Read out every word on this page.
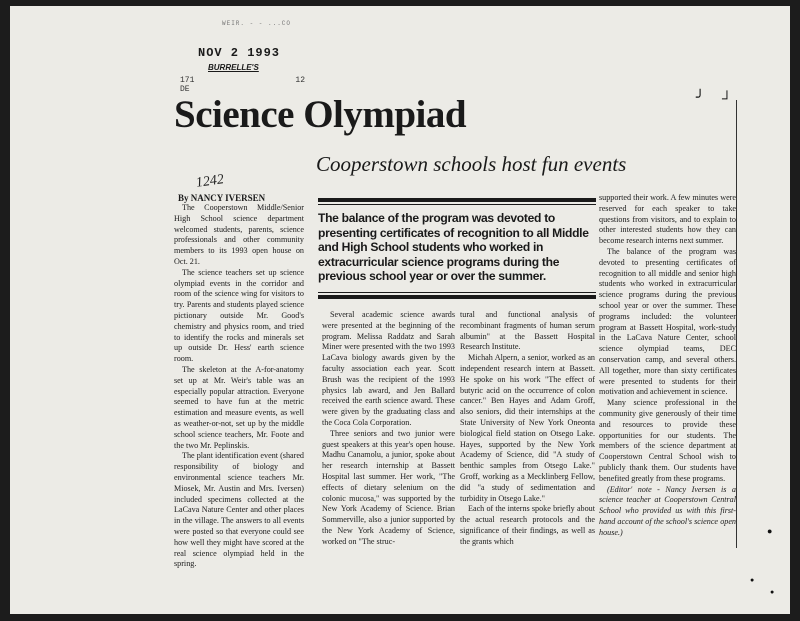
WEIR. - - ...CO
NOV 2 1993
BURRELLE'S
171
DE
12
Science Olympiad
Cooperstown schools host fun events
1242
By NANCY IVERSEN

The Cooperstown Middle/Senior High School science department welcomed students, parents, science professionals and other community members to its 1993 open house on Oct. 21.

The science teachers set up science olympiad events in the corridor and room of the science wing for visitors to try. Parents and students played science pictionary outside Mr. Good's chemistry and physics room, and tried to identify the rocks and minerals set up outside Dr. Hess' earth science room.

The skeleton at the A-for-anatomy set up at Mr. Weir's table was an especially popular attraction. Everyone seemed to have fun at the metric estimation and measure events, as well as weather-or-not, set up by the middle school science teachers, Mr. Foote and the two Mr. Peplinskis.

The plant identification event (shared responsibility of biology and environmental science teachers Mr. Miosek, Mr. Austin and Mrs. Iversen) included specimens collected at the LaCava Nature Center and other places in the village. The answers to all events were posted so that everyone could see how well they might have scored at the real science olympiad held in the spring.

The balance of the program was devoted to presenting certificates of recognition to all Middle and High School students who worked in extracurricular science programs during the previous school year or over the summer.

Several academic science awards were presented at the beginning of the program. Melissa Raddatz and Sarah Miner were presented with the two 1993 LaCava biology awards given by the faculty association each year. Scott Brush was the recipient of the 1993 physics lab award, and Jen Ballard received the earth science award. These were given by the graduating class and the Coca Cola Corporation.

Three seniors and two junior were guest speakers at this year's open house. Madhu Canamolu, a junior, spoke about her research internship at Bassett Hospital last summer. Her work, "The effects of dietary selenium on the colonic mucosa," was supported by the New York Academy of Science. Brian Sommerville, also a junior supported by the New York Academy of Science, worked on "The struc-

tural and functional analysis of recombinant fragments of human serum albumin" at the Bassett Hospital Research Institute.

Michah Alpern, a senior, worked as an independent research intern at Bassett. He spoke on his work "The effect of butyric acid on the occurrence of colon cancer." Ben Hayes and Adam Groff, also seniors, did their internships at the State University of New York Oneonta biological field station on Otsego Lake. Hayes, supported by the New York Academy of Science, did "A study of benthic samples from Otsego Lake." Groff, working as a Mecklinberg Fellow, did "a study of sedimentation and turbidity in Otsego Lake."

Each of the interns spoke briefly about the actual research protocols and the significance of their findings, as well as the grants which

supported their work. A few minutes were reserved for each speaker to take questions from visitors, and to explain to other interested students how they can become research interns next summer.

The balance of the program was devoted to presenting certificates of recognition to all middle and senior high students who worked in extracurricular science programs during the previous school year or over the summer. These programs included: the volunteer program at Bassett Hospital, work-study in the LaCava Nature Center, school science olympiad teams, DEC conservation camp, and several others. All together, more than sixty certificates were presented to students for their motivation and achievement in science.

Many science professional in the community give generously of their time and resources to provide these opportunities for our students. The members of the science department at Cooperstown Central School wish to publicly thank them. Our students have benefited greatly from these programs.

(Editor' note - Nancy Iversen is a science teacher at Cooperstown Central School who provided us with this first-hand account of the school's science open house.)

╯ ┘
●
●
●
